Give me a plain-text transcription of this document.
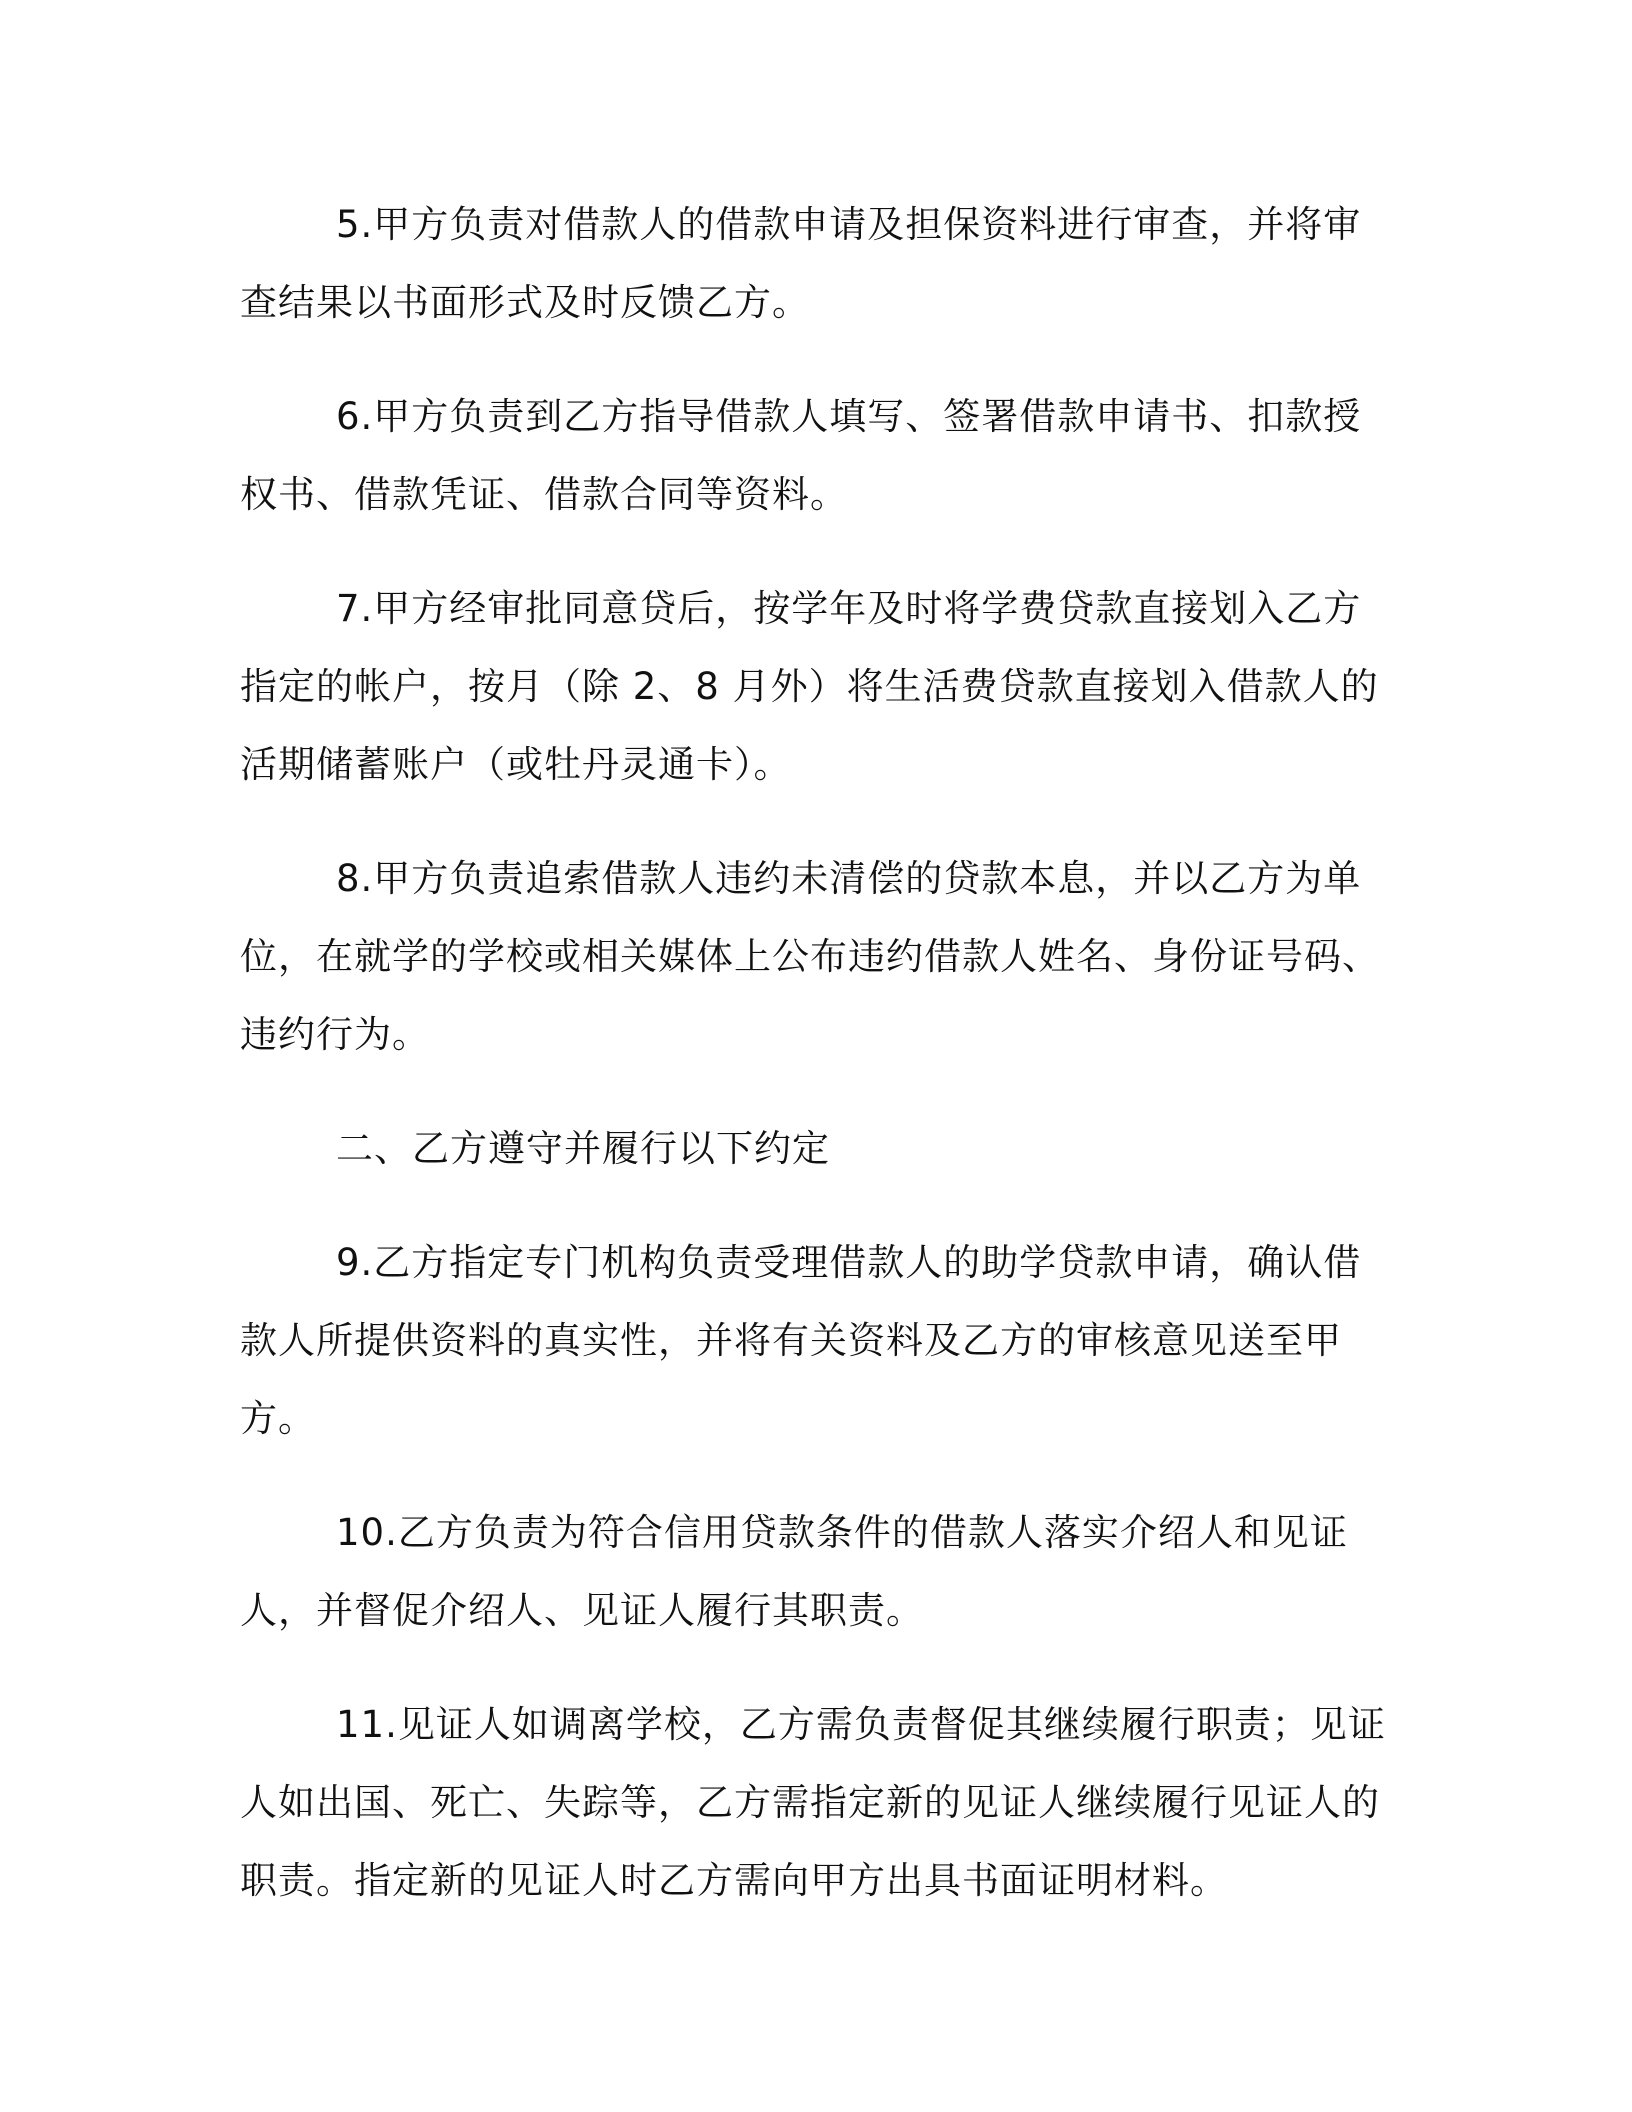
5.甲方负责对借款人的借款申请及担保资料进行审查，并将审查结果以书面形式及时反馈乙方。

6.甲方负责到乙方指导借款人填写、签署借款申请书、扣款授权书、借款凭证、借款合同等资料。

7.甲方经审批同意贷后，按学年及时将学费贷款直接划入乙方指定的帐户，按月（除 2、8 月外）将生活费贷款直接划入借款人的活期储蓄账户（或牡丹灵通卡）。

8.甲方负责追索借款人违约未清偿的贷款本息，并以乙方为单位，在就学的学校或相关媒体上公布违约借款人姓名、身份证号码、违约行为。

二、乙方遵守并履行以下约定

9.乙方指定专门机构负责受理借款人的助学贷款申请，确认借款人所提供资料的真实性，并将有关资料及乙方的审核意见送至甲方。

10.乙方负责为符合信用贷款条件的借款人落实介绍人和见证人，并督促介绍人、见证人履行其职责。

11.见证人如调离学校，乙方需负责督促其继续履行职责；见证人如出国、死亡、失踪等，乙方需指定新的见证人继续履行见证人的职责。指定新的见证人时乙方需向甲方出具书面证明材料。
